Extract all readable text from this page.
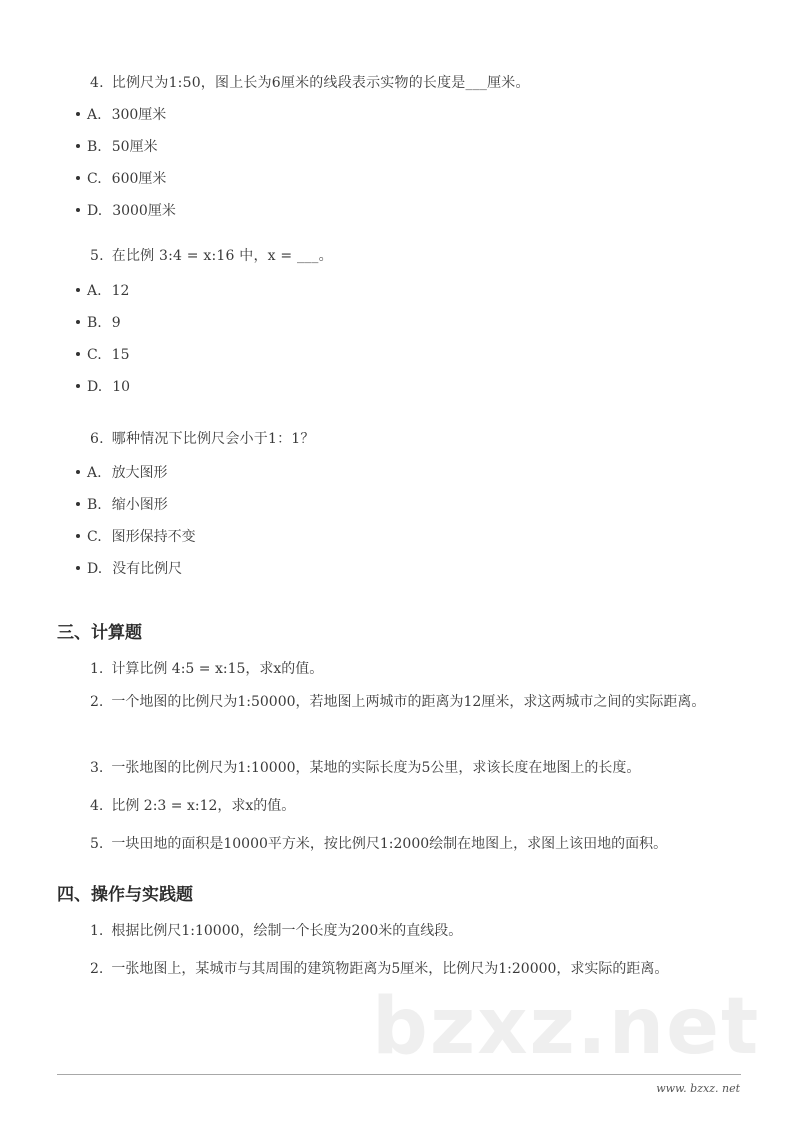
4. 比例尺为1:50，图上长为6厘米的线段表示实物的长度是___厘米。
A. 300厘米
B. 50厘米
C. 600厘米
D. 3000厘米
5. 在比例 3:4 = x:16 中，x = ___。
A. 12
B. 9
C. 15
D. 10
6. 哪种情况下比例尺会小于1：1？
A. 放大图形
B. 缩小图形
C. 图形保持不变
D. 没有比例尺
三、计算题
1. 计算比例 4:5 = x:15，求x的值。
2. 一个地图的比例尺为1:50000，若地图上两城市的距离为12厘米，求这两城市之间的实际距离。
3. 一张地图的比例尺为1:10000，某地的实际长度为5公里，求该长度在地图上的长度。
4. 比例 2:3 = x:12，求x的值。
5. 一块田地的面积是10000平方米，按比例尺1:2000绘制在地图上，求图上该田地的面积。
四、操作与实践题
1. 根据比例尺1:10000，绘制一个长度为200米的直线段。
2. 一张地图上，某城市与其周围的建筑物距离为5厘米，比例尺为1:20000，求实际的距离。
bzxz.net
www. bzxz. net
